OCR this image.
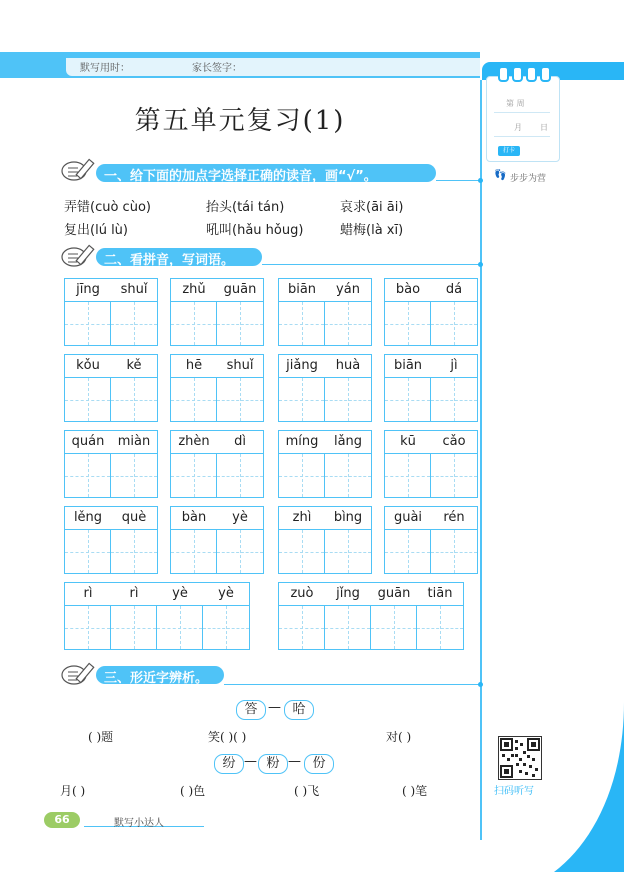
默写用时：	家长签字：
第 周
月 日
打卡
👣 步步为营
第五单元复习(1)
一、给下面的加点字选择正确的读音，画“√”。
弄错(cuò cùo)	抬头(tái tán)	哀求(āi āi)
复出(lú lù)	吼叫(hǎu hǒug)	蜡梅(là xī)
二、看拼音，写词语。
jīng	shuǐ	zhǔ	guān	biān	yán	bào	dá
kǒu	kě	hē	shuǐ	jiǎng	huà	biān	jì
quán	miàn	zhèn	dì	míng	lǎng	kū	cǎo
lěng	què	bàn	yè	zhì	bìng	guài	rén
rì	rì	yè	yè	zuò	jǐng	guān	tiān
三、形近字辨析。
答 — 哈
( )题	笑( )( )	对( )
纷 — 粉 — 份
月( )	( )色	( )飞	( )笔	扫码听写
66	默写小达人
